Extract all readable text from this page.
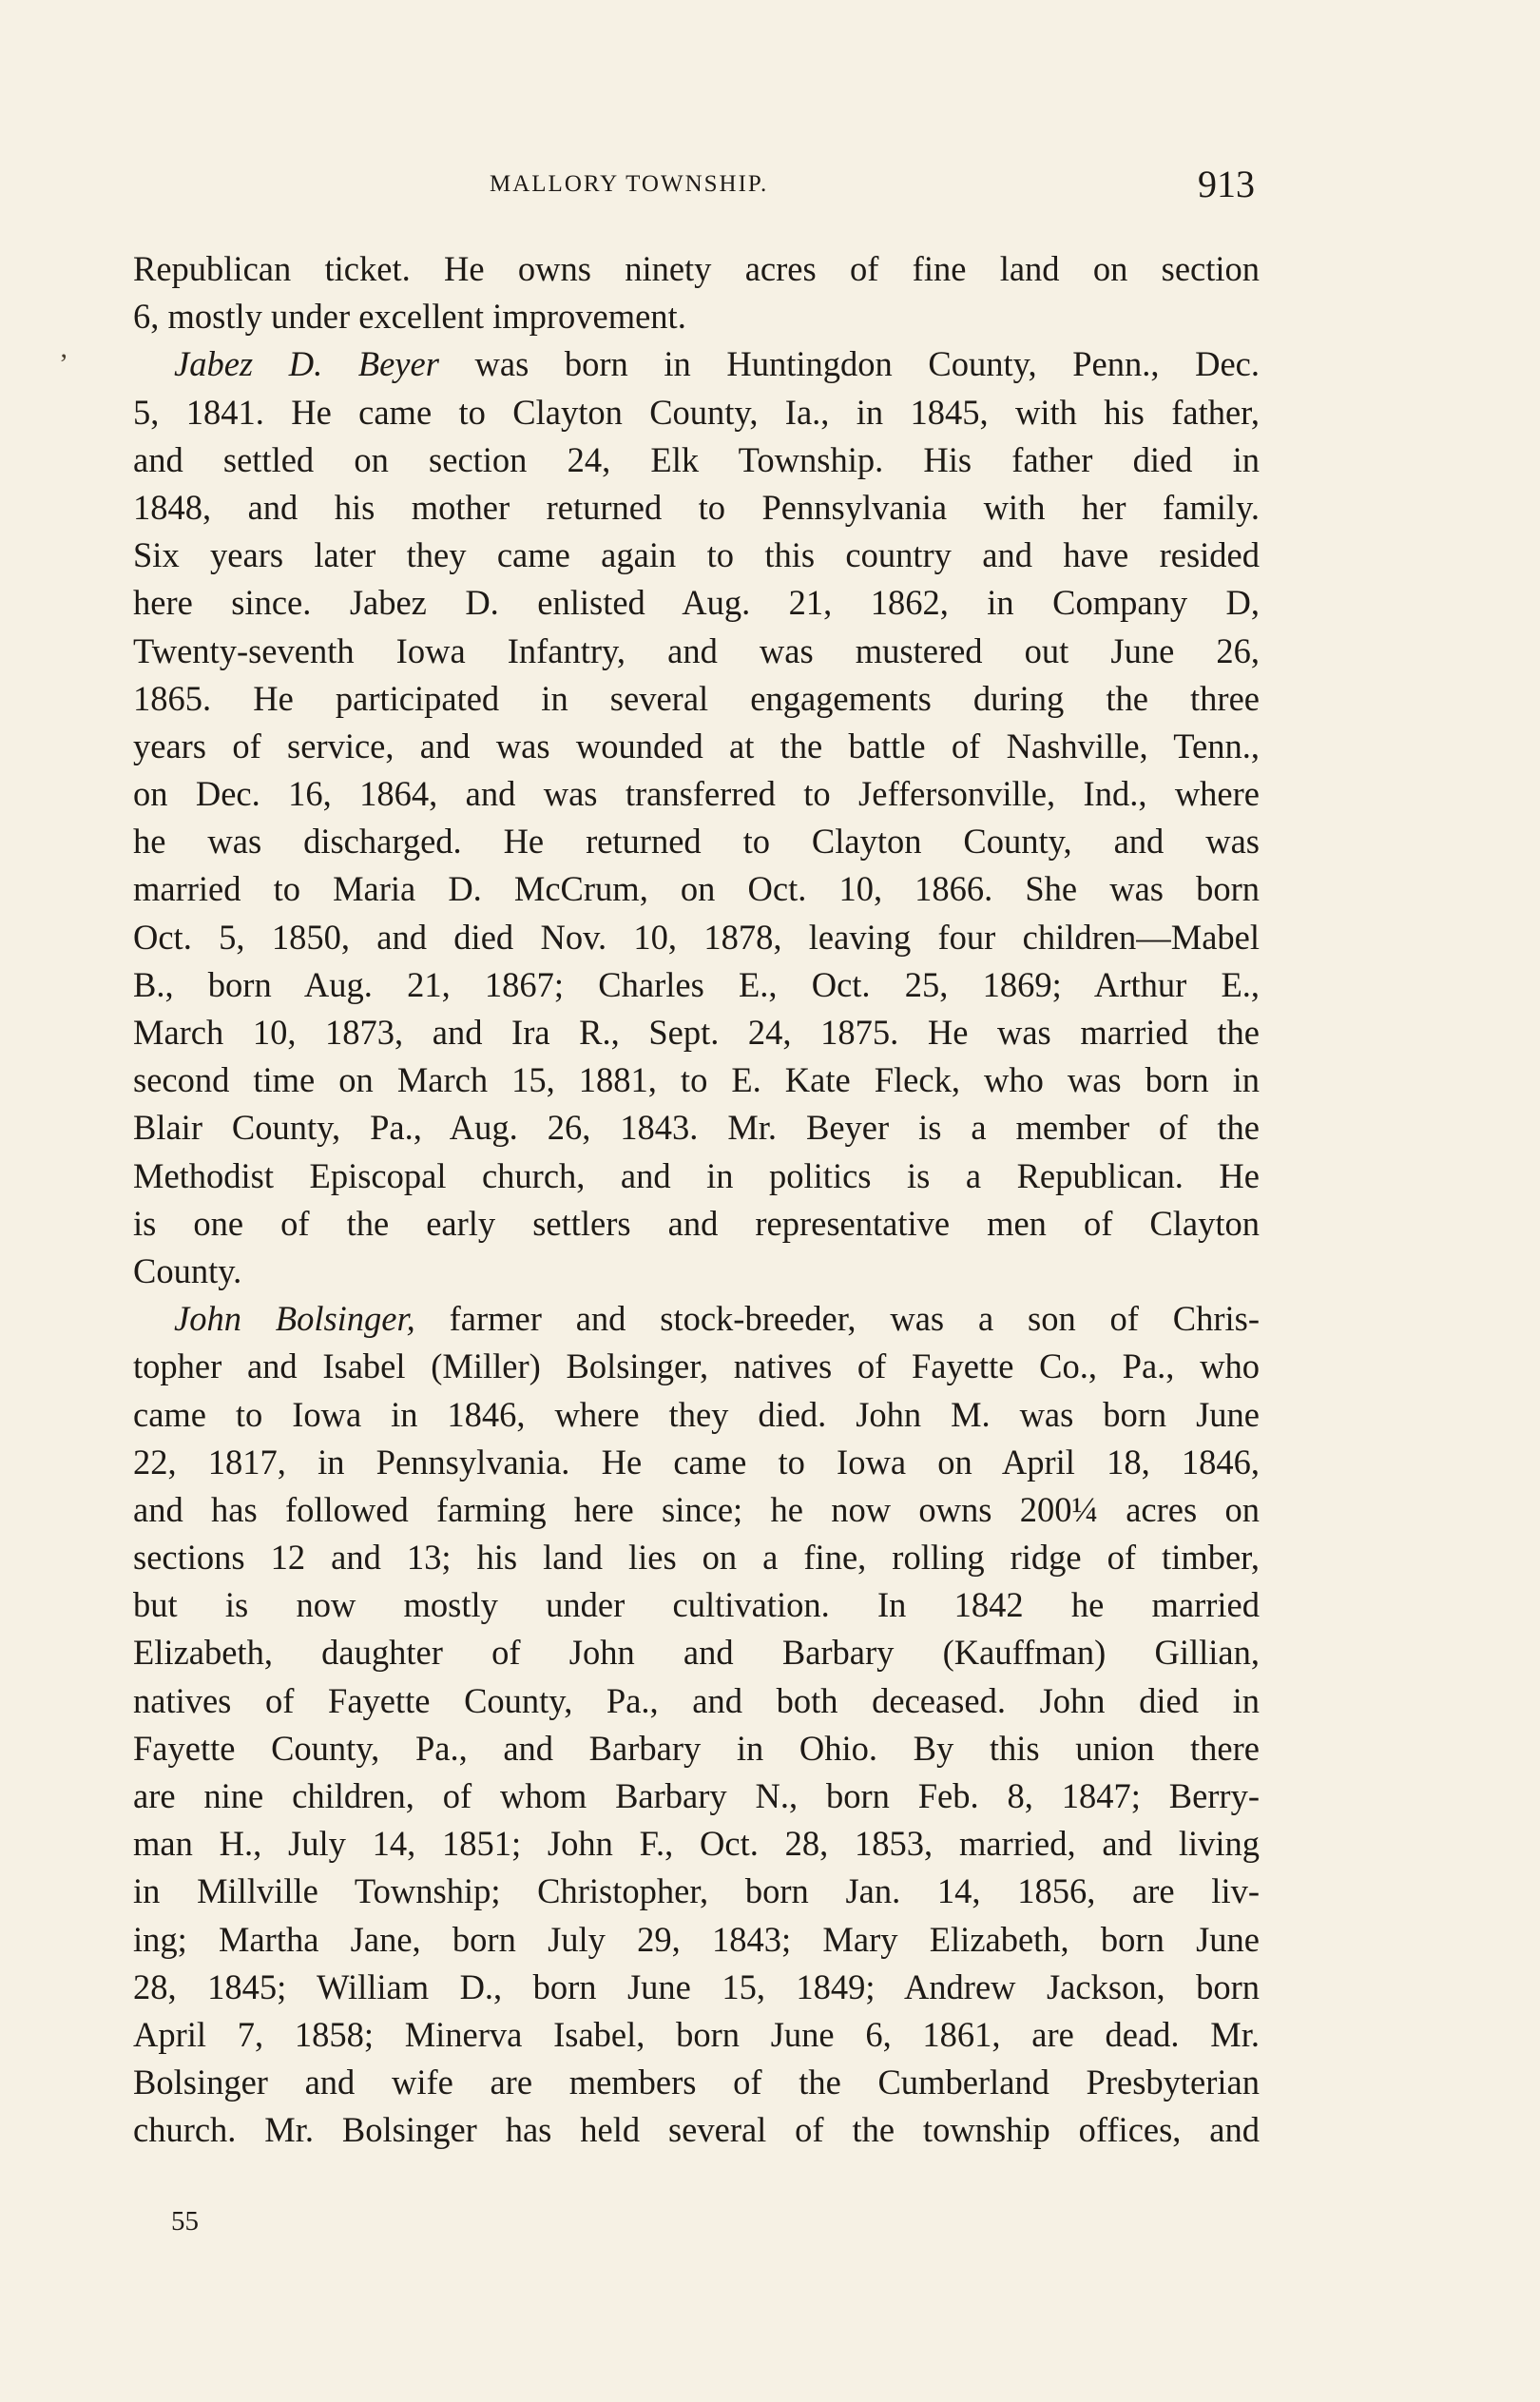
MALLORY TOWNSHIP.	913
’
Republican ticket. He owns ninety acres of fine land on section
6, mostly under excellent improvement.
Jabez D. Beyer was born in Huntingdon County, Penn., Dec.
5, 1841. He came to Clayton County, Ia., in 1845, with his father,
and settled on section 24, Elk Township. His father died in
1848, and his mother returned to Pennsylvania with her family.
Six years later they came again to this country and have resided
here since. Jabez D. enlisted Aug. 21, 1862, in Company D,
Twenty-seventh Iowa Infantry, and was mustered out June 26,
1865. He participated in several engagements during the three
years of service, and was wounded at the battle of Nashville, Tenn.,
on Dec. 16, 1864, and was transferred to Jeffersonville, Ind., where
he was discharged. He returned to Clayton County, and was
married to Maria D. McCrum, on Oct. 10, 1866. She was born
Oct. 5, 1850, and died Nov. 10, 1878, leaving four children—Mabel
B., born Aug. 21, 1867; Charles E., Oct. 25, 1869; Arthur E.,
March 10, 1873, and Ira R., Sept. 24, 1875. He was married the
second time on March 15, 1881, to E. Kate Fleck, who was born in
Blair County, Pa., Aug. 26, 1843. Mr. Beyer is a member of the
Methodist Episcopal church, and in politics is a Republican. He
is one of the early settlers and representative men of Clayton
County.
John Bolsinger, farmer and stock-breeder, was a son of Chris-
topher and Isabel (Miller) Bolsinger, natives of Fayette Co., Pa., who
came to Iowa in 1846, where they died. John M. was born June
22, 1817, in Pennsylvania. He came to Iowa on April 18, 1846,
and has followed farming here since; he now owns 200¼ acres on
sections 12 and 13; his land lies on a fine, rolling ridge of timber,
but is now mostly under cultivation. In 1842 he married
Elizabeth, daughter of John and Barbary (Kauffman) Gillian,
natives of Fayette County, Pa., and both deceased. John died in
Fayette County, Pa., and Barbary in Ohio. By this union there
are nine children, of whom Barbary N., born Feb. 8, 1847; Berry-
man H., July 14, 1851; John F., Oct. 28, 1853, married, and living
in Millville Township; Christopher, born Jan. 14, 1856, are liv-
ing; Martha Jane, born July 29, 1843; Mary Elizabeth, born June
28, 1845; William D., born June 15, 1849; Andrew Jackson, born
April 7, 1858; Minerva Isabel, born June 6, 1861, are dead. Mr.
Bolsinger and wife are members of the Cumberland Presbyterian
church. Mr. Bolsinger has held several of the township offices, and
55
